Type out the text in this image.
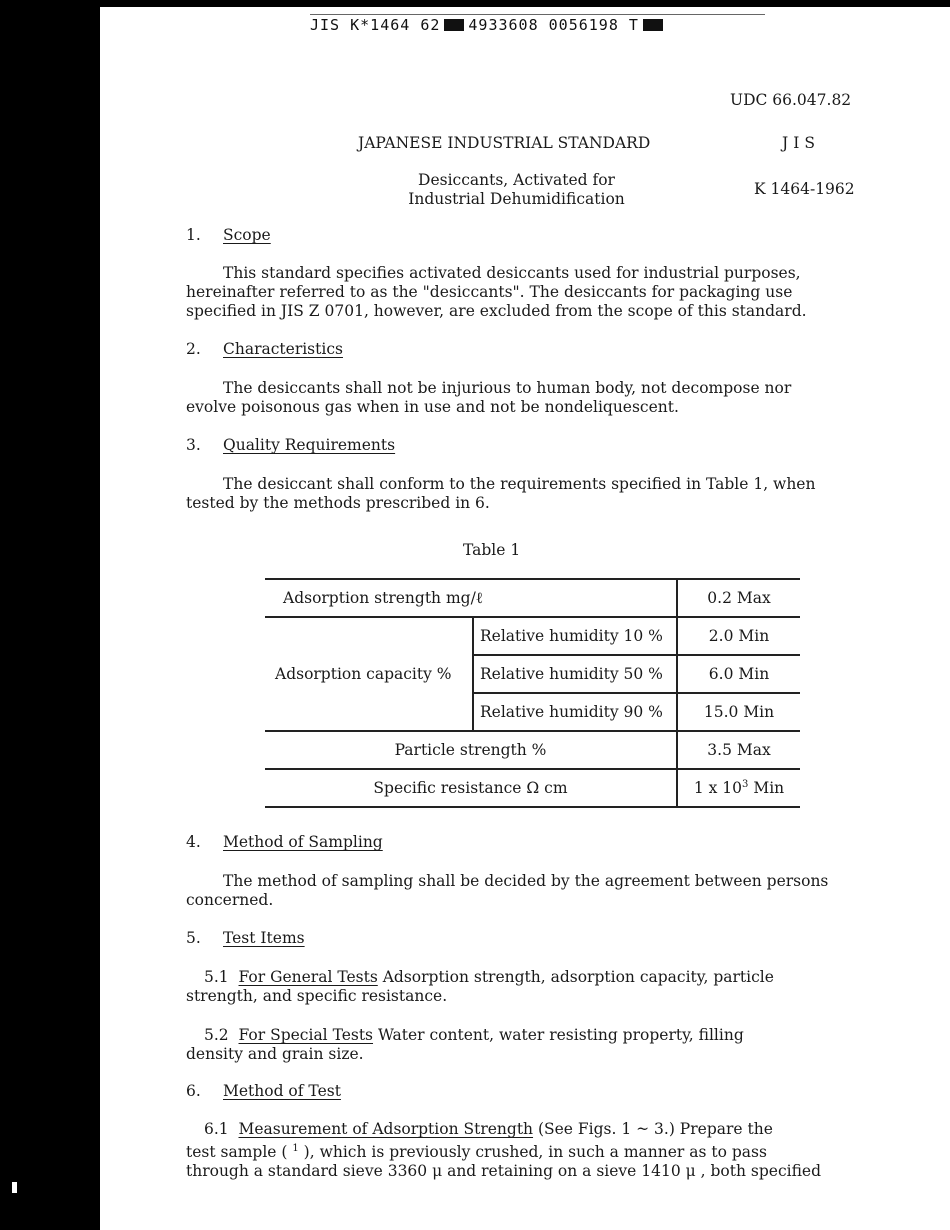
JIS K*1464 62 4933608 0056198 T
UDC 66.047.82
JAPANESE INDUSTRIAL STANDARD	JIS
Desiccants, Activated for
Industrial Dehumidification
K 1464-1962
1. Scope
This standard specifies activated desiccants used for industrial purposes,
hereinafter referred to as the "desiccants". The desiccants for packaging use
specified in JIS Z 0701, however, are excluded from the scope of this standard.
2. Characteristics
The desiccants shall not be injurious to human body, not decompose nor
evolve poisonous gas when in use and not be nondeliquescent.
3. Quality Requirements
The desiccant shall conform to the requirements specified in Table 1, when
tested by the methods prescribed in 6.
Table 1
Adsorption strength mg/ℓ		0.2 Max
Adsorption capacity %	Relative humidity 10 %	2.0 Min
	Relative humidity 50 %	6.0 Min
	Relative humidity 90 %	15.0 Min
Particle strength %		3.5 Max
Specific resistance Ω cm		1 x $10^3$ Min
4. Method of Sampling
The method of sampling shall be decided by the agreement between persons
concerned.
5. Test Items
5.1 For General Tests Adsorption strength, adsorption capacity, particle
strength, and specific resistance.
5.2 For Special Tests Water content, water resisting property, filling
density and grain size.
6. Method of Test
6.1 Measurement of Adsorption Strength (See Figs. 1 ~ 3.) Prepare the
test sample ( $^1$ ), which is previously crushed, in such a manner as to pass
through a standard sieve 3360 μ and retaining on a sieve 1410 μ , both specified
